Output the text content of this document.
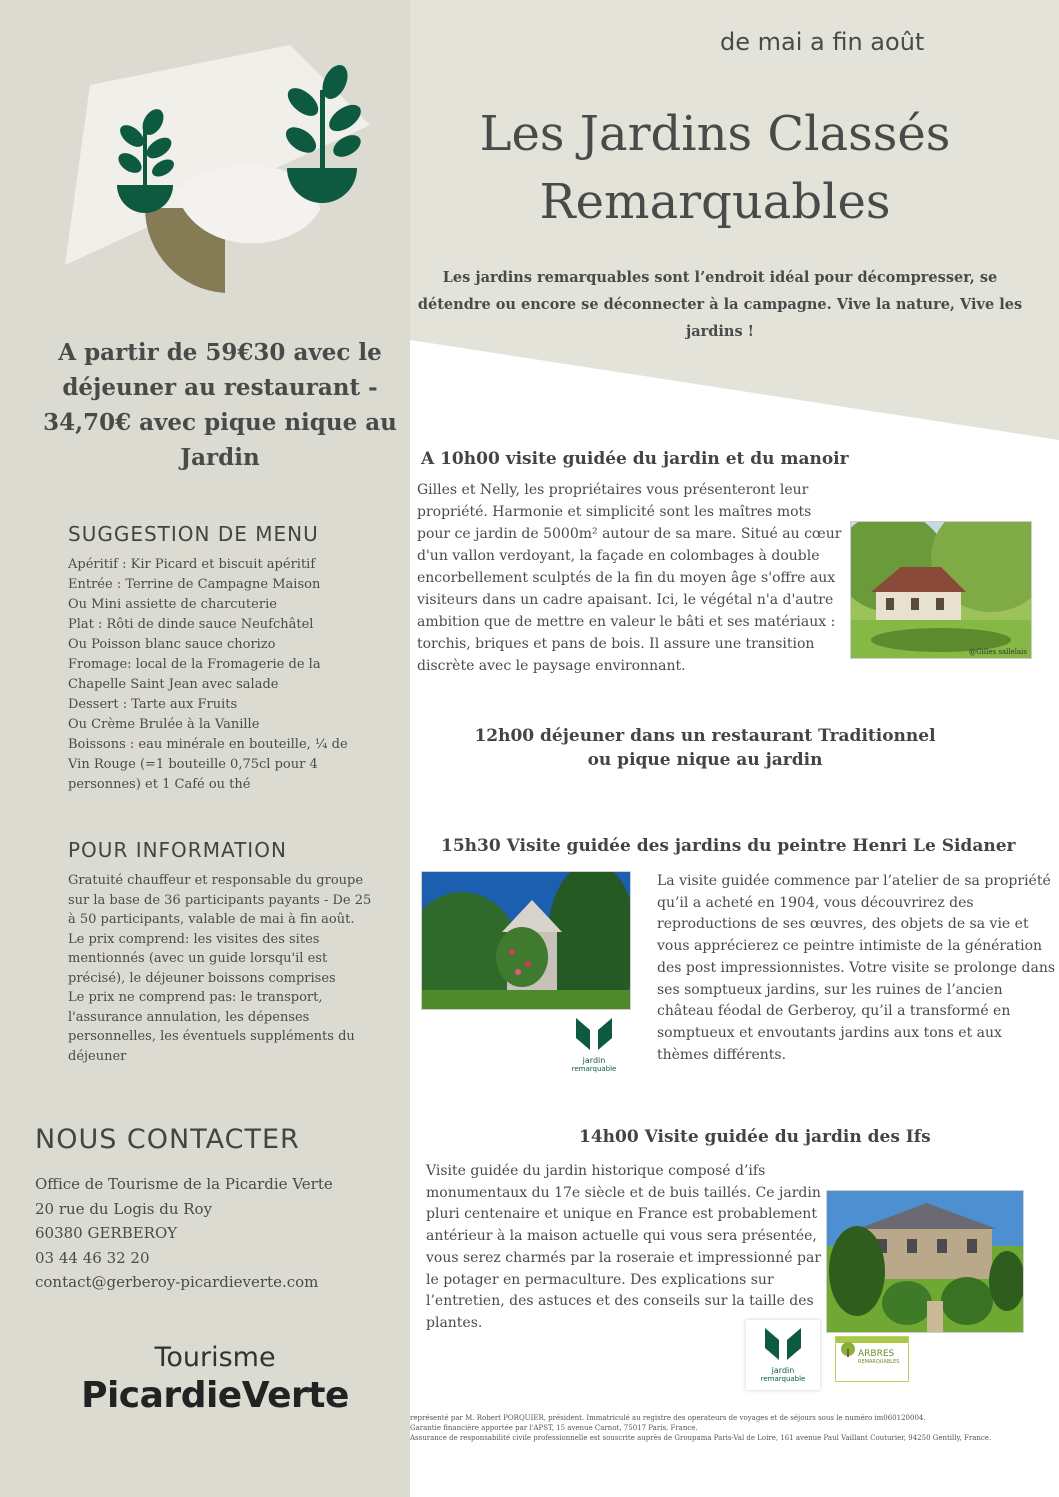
de mai a fin août
Les Jardins Classés
Remarquables
Les jardins remarquables sont l’endroit idéal pour décompresser, se
détendre ou encore se déconnecter à la campagne. Vive la nature, Vive les
jardins !
A partir de 59€30 avec le
déjeuner au restaurant -
34,70€ avec pique nique au
Jardin
SUGGESTION DE MENU
Apéritif : Kir Picard et biscuit apéritif
Entrée : Terrine de Campagne Maison
Ou Mini assiette de charcuterie
Plat : Rôti de dinde sauce Neufchâtel
Ou Poisson blanc sauce chorizo
Fromage: local de la Fromagerie de la
Chapelle Saint Jean avec salade
Dessert : Tarte aux Fruits
Ou Crème Brulée à la Vanille
Boissons : eau minérale en bouteille, ¼ de
Vin Rouge (=1 bouteille 0,75cl pour 4
personnes) et 1 Café ou thé
POUR INFORMATION
Gratuité chauffeur et responsable du groupe
sur la base de 36 participants payants - De 25
à 50 participants, valable de mai à fin août.
Le prix comprend: les visites des sites
mentionnés (avec un guide lorsqu'il est
précisé), le déjeuner boissons comprises
Le prix ne comprend pas: le transport,
l'assurance annulation, les dépenses
personnelles, les éventuels suppléments du
déjeuner
NOUS CONTACTER
Office de Tourisme de la Picardie Verte
20 rue du Logis du Roy
60380 GERBEROY
03 44 46 32 20
contact@gerberoy-picardieverte.com
Tourisme
PicardieVerte
A 10h00 visite guidée du jardin et du manoir
Gilles et Nelly, les propriétaires vous présenteront leur
propriété. Harmonie et simplicité sont les maîtres mots
pour ce jardin de 5000m² autour de sa mare. Situé au cœur
d'un vallon verdoyant, la façade en colombages à double
encorbellement sculptés de la fin du moyen âge s'offre aux
visiteurs dans un cadre apaisant. Ici, le végétal n'a d'autre
ambition que de mettre en valeur le bâti et ses matériaux :
torchis, briques et pans de bois. Il assure une transition
discrète avec le paysage environnant.
@Gilles sallelais
12h00 déjeuner dans un restaurant Traditionnel
ou pique nique au jardin
15h30 Visite guidée des jardins du peintre Henri Le Sidaner
jardin
remarquable
La visite guidée commence par l’atelier de sa propriété
qu’il a acheté en 1904, vous découvrirez des
reproductions de ses œuvres, des objets de sa vie et
vous apprécierez ce peintre intimiste de la génération
des post impressionnistes. Votre visite se prolonge dans
ses somptueux jardins, sur les ruines de l’ancien
château féodal de Gerberoy, qu’il a transformé en
somptueux et envoutants jardins aux tons et aux
thèmes différents.
14h00 Visite guidée du jardin des Ifs
Visite guidée du jardin historique composé d’ifs
monumentaux du 17e siècle et de buis taillés. Ce jardin
pluri centenaire et unique en France est probablement
antérieur à la maison actuelle qui vous sera présentée,
vous serez charmés par la roseraie et impressionné par
le potager en permaculture. Des explications sur
l’entretien, des astuces et des conseils sur la taille des
plantes.
jardin
remarquable
ARBRES
REMARQUABLES
représenté par M. Robert PORQUIER, président. Immatriculé au registre des operateurs de voyages et de séjours sous le numéro im060120004.
Garantie financière apportée par l'APST, 15 avenue Carnot, 75017 Paris, France.
Assurance de responsabilité civile professionnelle est souscrite auprès de Groupama Paris-Val de Loire, 161 avenue Paul Vaillant Couturier, 94250 Gentilly, France.
